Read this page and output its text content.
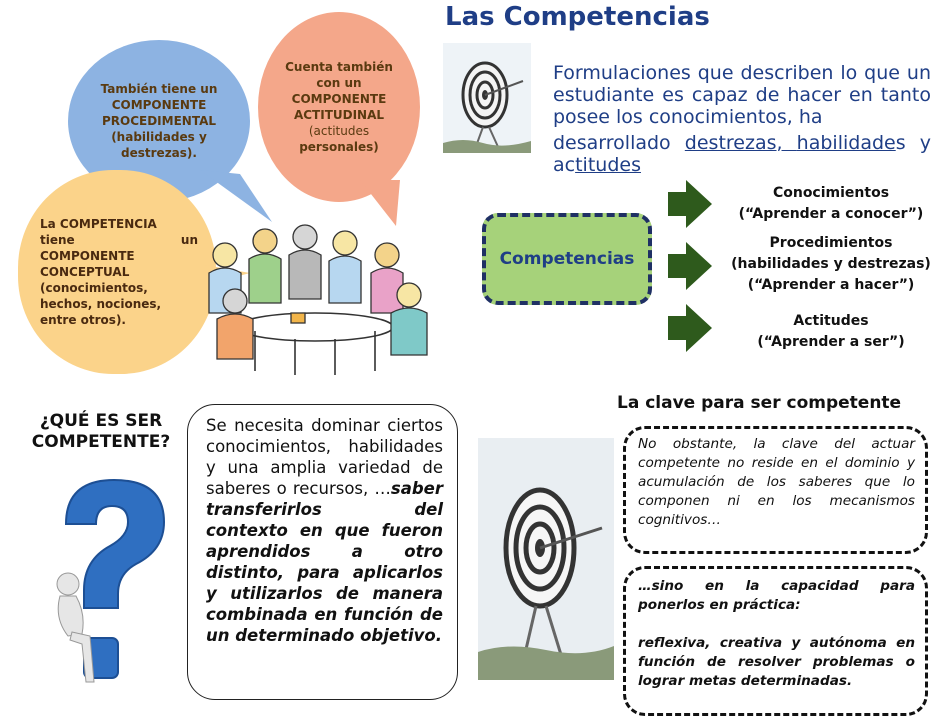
Las Competencias
Cuenta también
con un
COMPONENTE
ACTITUDINAL
(actitudes
personales)
También tiene un
COMPONENTE
PROCEDIMENTAL
(habilidades y
destrezas).
La COMPETENCIA
tiene un
COMPONENTE
CONCEPTUAL
(conocimientos,
hechos, nociones,
entre otros).
Formulaciones que describen lo que un estudiante es capaz de hacer en tanto posee los conocimientos, ha
desarrollado destrezas, habilidades y
actitudes
Competencias
Conocimientos
(“Aprender a conocer”)
Procedimientos
(habilidades y destrezas)
(“Aprender a hacer”)
Actitudes
(“Aprender a ser”)
¿QUÉ ES SER COMPETENTE?
Se necesita dominar ciertos conocimientos, habilidades y una amplia variedad de saberes o recursos, …saber transferirlos del contexto en que fueron aprendidos a otro distinto, para aplicarlos y utilizarlos de manera combinada en función de un determinado objetivo.
La clave para ser competente
No obstante, la clave del actuar competente no reside en el dominio y acumulación de los saberes que lo componen ni en los mecanismos cognitivos…
…sino en la capacidad para ponerlos en práctica:
reflexiva, creativa y autónoma en función de resolver problemas o lograr metas determinadas.
